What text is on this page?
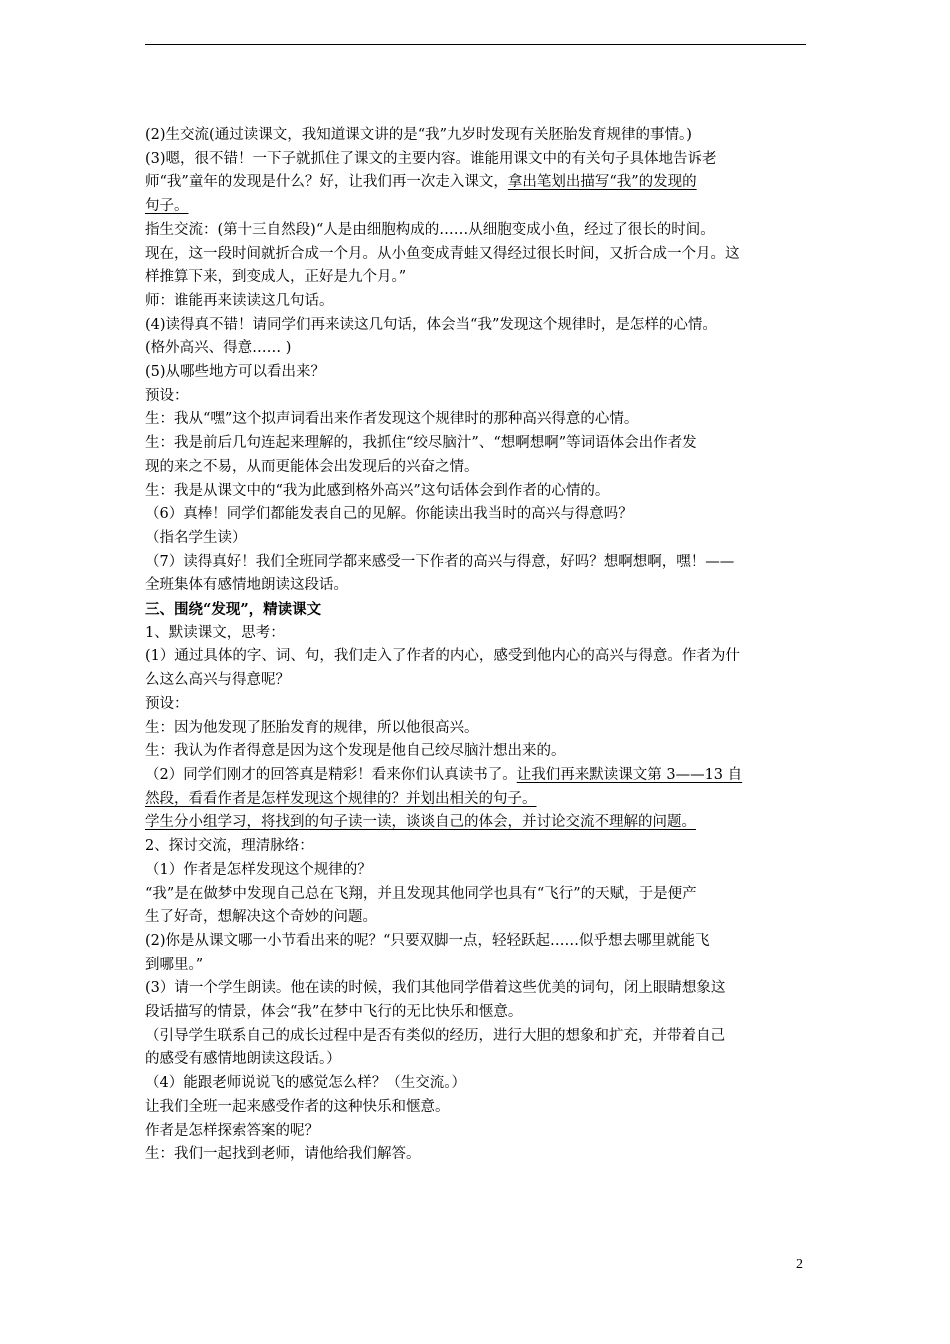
(2)生交流(通过读课文，我知道课文讲的是“我”九岁时发现有关胚胎发育规律的事情。)
(3)嗯，很不错！一下子就抓住了课文的主要内容。谁能用课文中的有关句子具体地告诉老
师“我”童年的发现是什么？好，让我们再一次走入课文，拿出笔划出描写“我”的发现的
句子。
指生交流：(第十三自然段)“人是由细胞构成的……从细胞变成小鱼，经过了很长的时间。
现在，这一段时间就折合成一个月。从小鱼变成青蛙又得经过很长时间，又折合成一个月。这
样推算下来，到变成人，正好是九个月。”
师：谁能再来读读这几句话。
(4)读得真不错！请同学们再来读这几句话，体会当“我”发现这个规律时，是怎样的心情。
(格外高兴、得意…… )
(5)从哪些地方可以看出来？
预设：
生：我从“嘿”这个拟声词看出来作者发现这个规律时的那种高兴得意的心情。
生：我是前后几句连起来理解的，我抓住“绞尽脑汁”、“想啊想啊”等词语体会出作者发
现的来之不易，从而更能体会出发现后的兴奋之情。
生：我是从课文中的“我为此感到格外高兴”这句话体会到作者的心情的。
（6）真棒！同学们都能发表自己的见解。你能读出我当时的高兴与得意吗？
（指名学生读）
（7）读得真好！我们全班同学都来感受一下作者的高兴与得意，好吗？想啊想啊，嘿！——
全班集体有感情地朗读这段话。
三、围绕“发现”，精读课文
1、默读课文，思考：
(1）通过具体的字、词、句，我们走入了作者的内心，感受到他内心的高兴与得意。作者为什
么这么高兴与得意呢？
预设：
生：因为他发现了胚胎发育的规律，所以他很高兴。
生：我认为作者得意是因为这个发现是他自己绞尽脑汁想出来的。
（2）同学们刚才的回答真是精彩！看来你们认真读书了。让我们再来默读课文第 3——13 自
然段，看看作者是怎样发现这个规律的？并划出相关的句子。
学生分小组学习，将找到的句子读一读，谈谈自己的体会，并讨论交流不理解的问题。
2、探讨交流，理清脉络：
（1）作者是怎样发现这个规律的？
“我”是在做梦中发现自己总在飞翔，并且发现其他同学也具有“飞行”的天赋，于是便产
生了好奇，想解决这个奇妙的问题。
(2)你是从课文哪一小节看出来的呢？“只要双脚一点，轻轻跃起……似乎想去哪里就能飞
到哪里。”
(3）请一个学生朗读。他在读的时候，我们其他同学借着这些优美的词句，闭上眼睛想象这
段话描写的情景，体会“我”在梦中飞行的无比快乐和惬意。
（引导学生联系自己的成长过程中是否有类似的经历，进行大胆的想象和扩充，并带着自己
的感受有感情地朗读这段话。）
（4）能跟老师说说飞的感觉怎么样？（生交流。）
让我们全班一起来感受作者的这种快乐和惬意。
作者是怎样探索答案的呢？
生：我们一起找到老师，请他给我们解答。
2
